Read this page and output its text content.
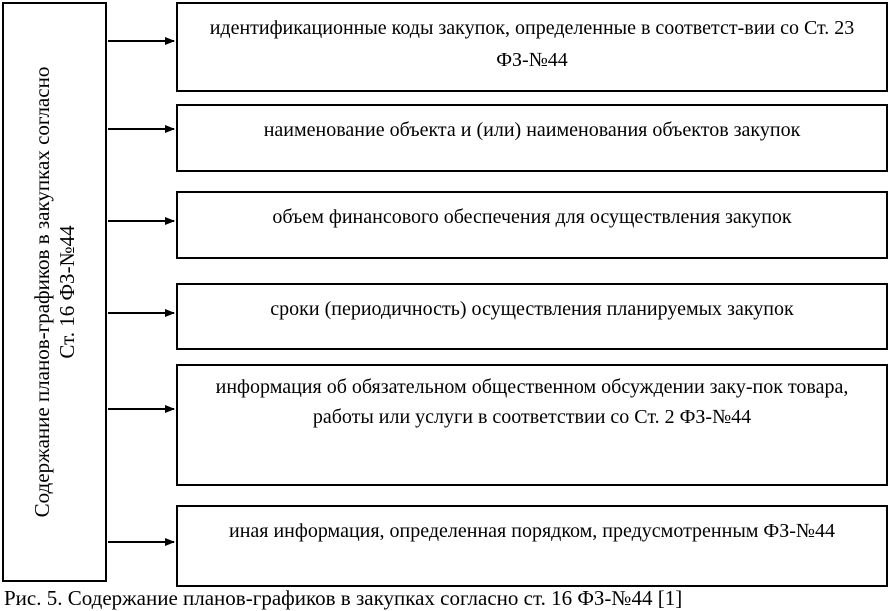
Содержание планов-графиков в закупках согласно Ст. 16 ФЗ-№44
идентификационные коды закупок, определенные в соответст-вии со Ст. 23 ФЗ-№44
наименование объекта и (или) наименования объектов закупок
объем финансового обеспечения для осуществления закупок
сроки (периодичность) осуществления планируемых закупок
информация об обязательном общественном обсуждении заку-пок товара, работы или услуги в соответствии со Ст. 2 ФЗ-№44
иная информация, определенная порядком, предусмотренным ФЗ-№44
Рис. 5. Содержание планов-графиков в закупках согласно ст. 16 ФЗ-№44 [1]
